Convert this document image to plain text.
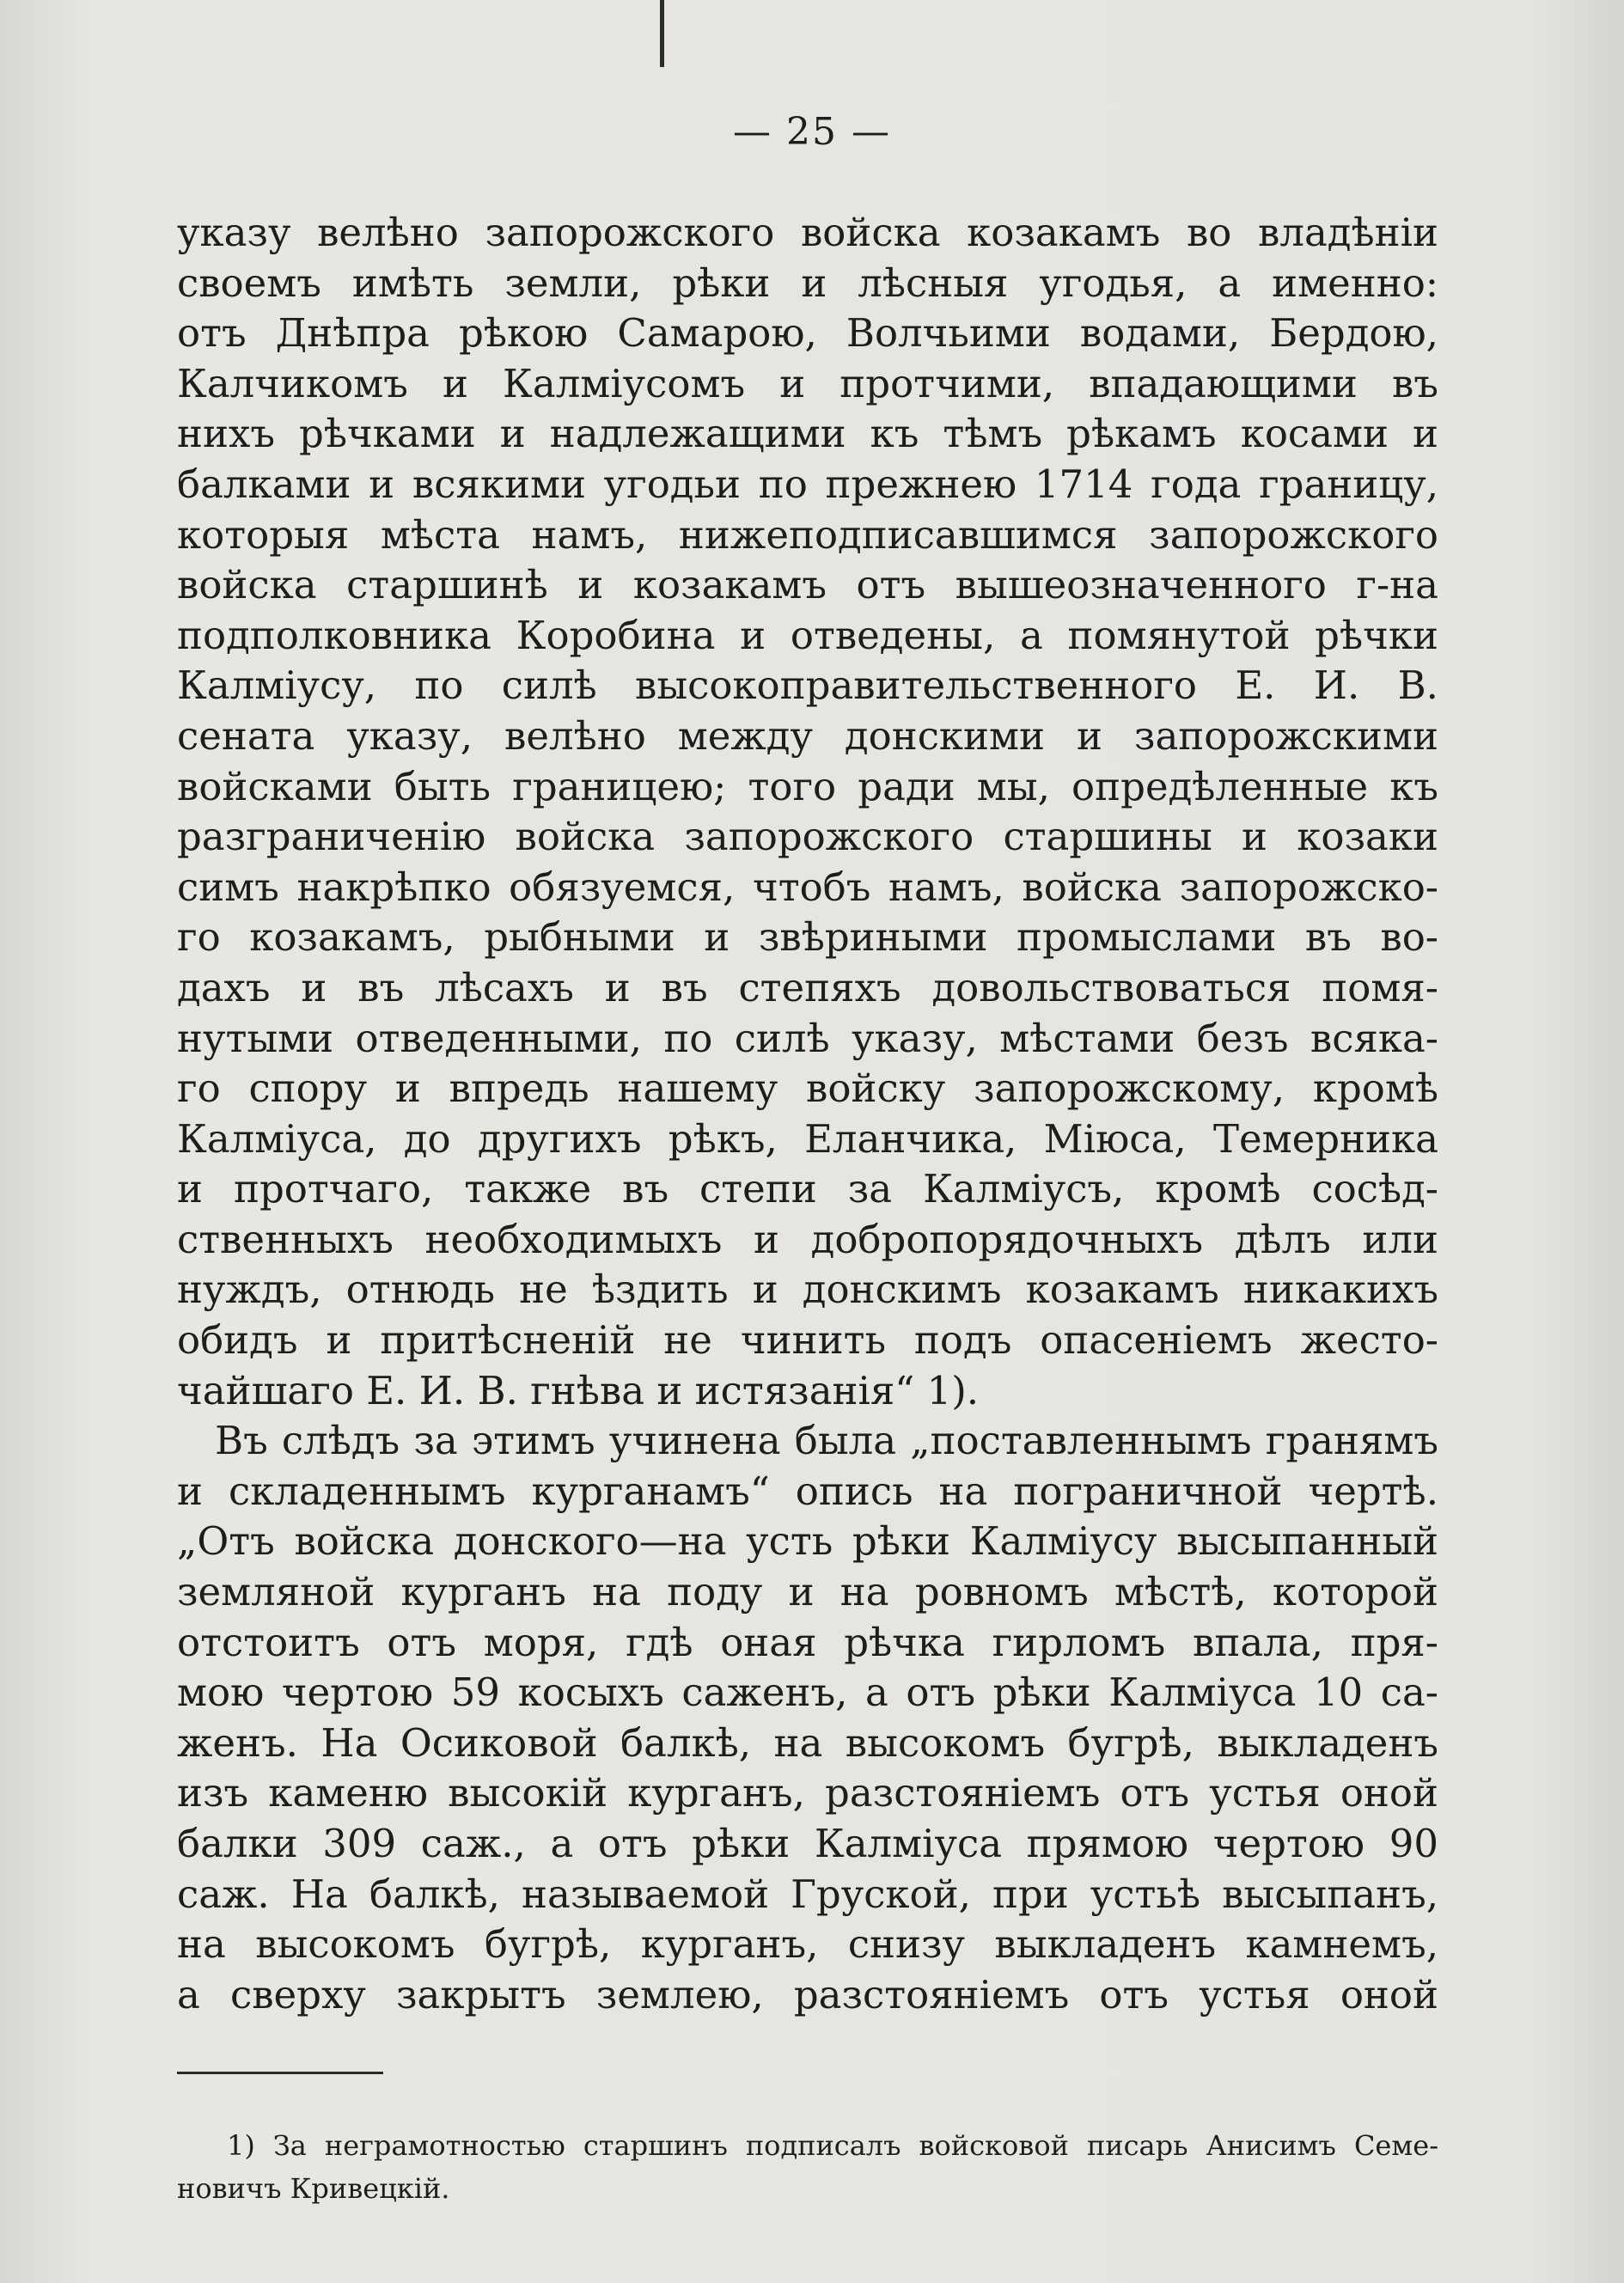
— 25 —
указу велѣно запорожского войска козакамъ во владѣніи
своемъ имѣть земли, рѣки и лѣсныя угодья, а именно:
отъ Днѣпра рѣкою Самарою, Волчьими водами, Бердою,
Калчикомъ и Калміусомъ и протчими, впадающими въ
нихъ рѣчками и надлежащими къ тѣмъ рѣкамъ косами и
балками и всякими угодьи по прежнею 1714 года границу,
которыя мѣста намъ, нижеподписавшимся запорожского
войска старшинѣ и козакамъ отъ вышеозначенного г-на
подполковника Коробина и отведены, а помянутой рѣчки
Калміусу, по силѣ высокоправительственного Е. И. В.
сената указу, велѣно между донскими и запорожскими
войсками быть границею; того ради мы, опредѣленные къ
разграниченію войска запорожского старшины и козаки
симъ накрѣпко обязуемся, чтобъ намъ, войска запорожско-
го козакамъ, рыбными и звѣриными промыслами въ во-
дахъ и въ лѣсахъ и въ степяхъ довольствоваться помя-
нутыми отведенными, по силѣ указу, мѣстами безъ всяка-
го спору и впредь нашему войску запорожскому, кромѣ
Калміуса, до другихъ рѣкъ, Еланчика, Міюса, Темерника
и протчаго, также въ степи за Калміусъ, кромѣ сосѣд-
ственныхъ необходимыхъ и добропорядочныхъ дѣлъ или
нуждъ, отнюдь не ѣздить и донскимъ козакамъ никакихъ
обидъ и притѣсненій не чинить подъ опасеніемъ жесто-
чайшаго Е. И. В. гнѣва и истязанія“ 1).
Въ слѣдъ за этимъ учинена была „поставленнымъ гранямъ
и складеннымъ курганамъ“ опись на пограничной чертѣ.
„Отъ войска донского—на усть рѣки Калміусу высыпанный
земляной курганъ на поду и на ровномъ мѣстѣ, которой
отстоитъ отъ моря, гдѣ оная рѣчка гирломъ впала, пря-
мою чертою 59 косыхъ саженъ, а отъ рѣки Калміуса 10 са-
женъ. На Осиковой балкѣ, на высокомъ бугрѣ, выкладенъ
изъ каменю высокій курганъ, разстояніемъ отъ устья оной
балки 309 саж., а отъ рѣки Калміуса прямою чертою 90
саж. На балкѣ, называемой Груской, при устьѣ высыпанъ,
на высокомъ бугрѣ, курганъ, снизу выкладенъ камнемъ,
а сверху закрытъ землею, разстояніемъ отъ устья оной
1) За неграмотностью старшинъ подписалъ войсковой писарь Анисимъ Семе-
новичъ Кривецкій.
